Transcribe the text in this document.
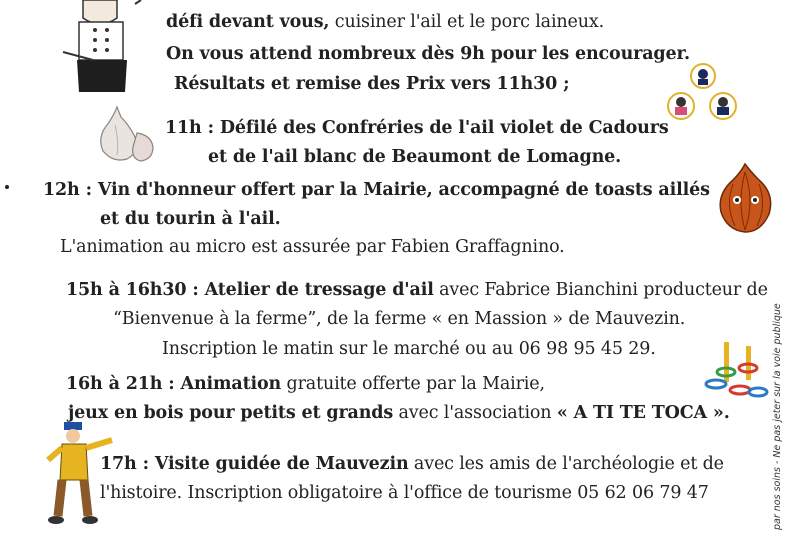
défi devant vous, cuisiner l'ail et le porc laineux.
On vous attend nombreux dès 9h pour les encourager.
Résultats et remise des Prix vers 11h30 ;
11h : Défilé des Confréries de l'ail violet de Cadours
et de l'ail blanc de Beaumont de Lomagne.
12h : Vin d'honneur offert par la Mairie, accompagné de toasts aillés
et du tourin à l'ail.
L'animation au micro est assurée par Fabien Graffagnino.
15h à 16h30 : Atelier de tressage d'ail avec Fabrice Bianchini producteur de
“Bienvenue à la ferme”, de la ferme « en Massion » de Mauvezin.
Inscription le matin sur le marché ou au 06 98 95 45 29.
16h à 21h : Animation gratuite offerte par la Mairie,
jeux en bois pour petits et grands avec l'association « A TI TE TOCA ».
17h : Visite guidée de Mauvezin avec les amis de l'archéologie et de
l'histoire. Inscription obligatoire à l'office de tourisme 05 62 06 79 47	par nos soins - Ne pas jeter sur la voie publique
